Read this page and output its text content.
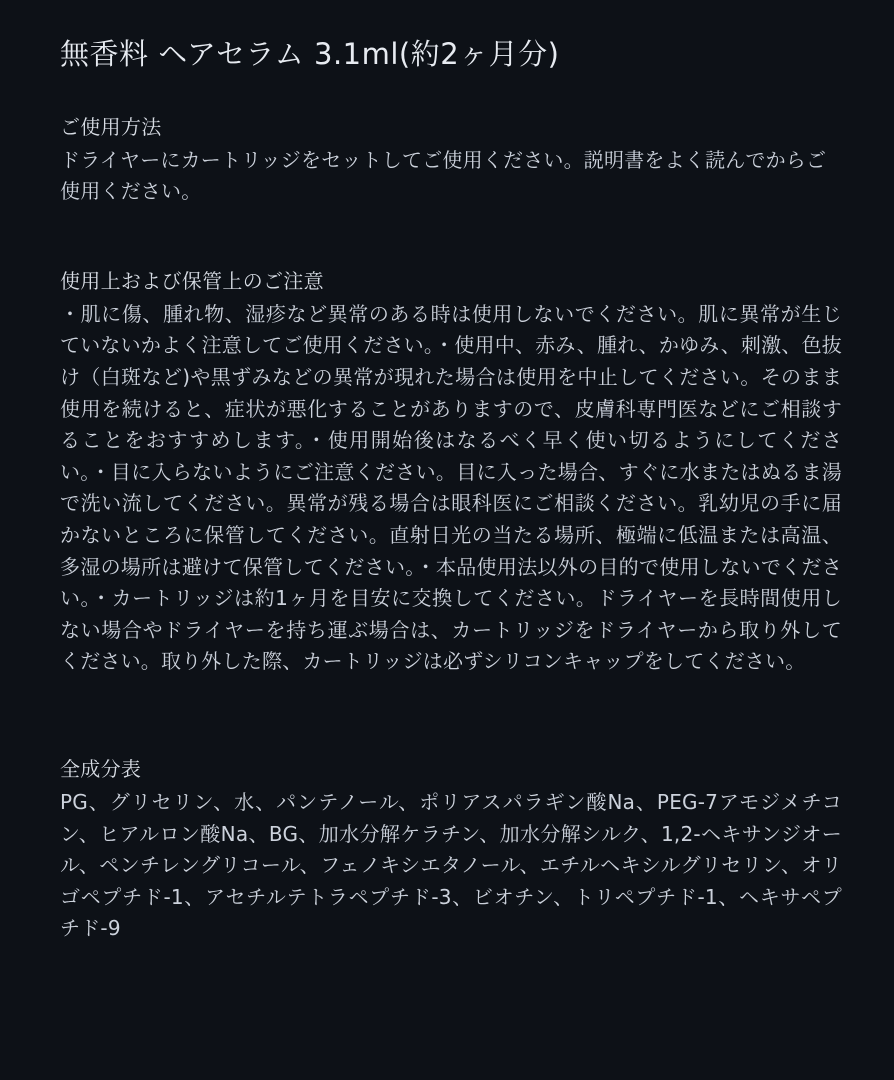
無香料 ヘアセラム 3.1ml(約2ヶ月分)

ご使用方法

ドライヤーにカートリッジをセットしてご使用ください。説明書をよく読んでからご使用ください。

使用上および保管上のご注意

・肌に傷、腫れ物、湿疹など異常のある時は使用しないでください。肌に異常が生じていないかよく注意してご使用ください。・使用中、赤み、腫れ、かゆみ、刺激、色抜け（白斑など)や黒ずみなどの異常が現れた場合は使用を中止してください。そのまま使用を続けると、症状が悪化することがありますので、皮膚科専門医などにご相談することをおすすめします。・使用開始後はなるべく早く使い切るようにしてください。・目に入らないようにご注意ください。目に入った場合、すぐに水またはぬるま湯で洗い流してください。異常が残る場合は眼科医にご相談ください。乳幼児の手に届かないところに保管してください。直射日光の当たる場所、極端に低温または高温、多湿の場所は避けて保管してください。・本品使用法以外の目的で使用しないでください。・カートリッジは約1ヶ月を目安に交換してください。ドライヤーを長時間使用しない場合やドライヤーを持ち運ぶ場合は、カートリッジをドライヤーから取り外してください。取り外した際、カートリッジは必ずシリコンキャップをしてください。

全成分表

PG、グリセリン、水、パンテノール、ポリアスパラギン酸Na、PEG-7アモジメチコン、ヒアルロン酸Na、BG、加水分解ケラチン、加水分解シルク、1,2-ヘキサンジオール、ペンチレングリコール、フェノキシエタノール、エチルヘキシルグリセリン、オリゴペプチド-1、アセチルテトラペプチド-3、ビオチン、トリペプチド-1、ヘキサペプチド-9
